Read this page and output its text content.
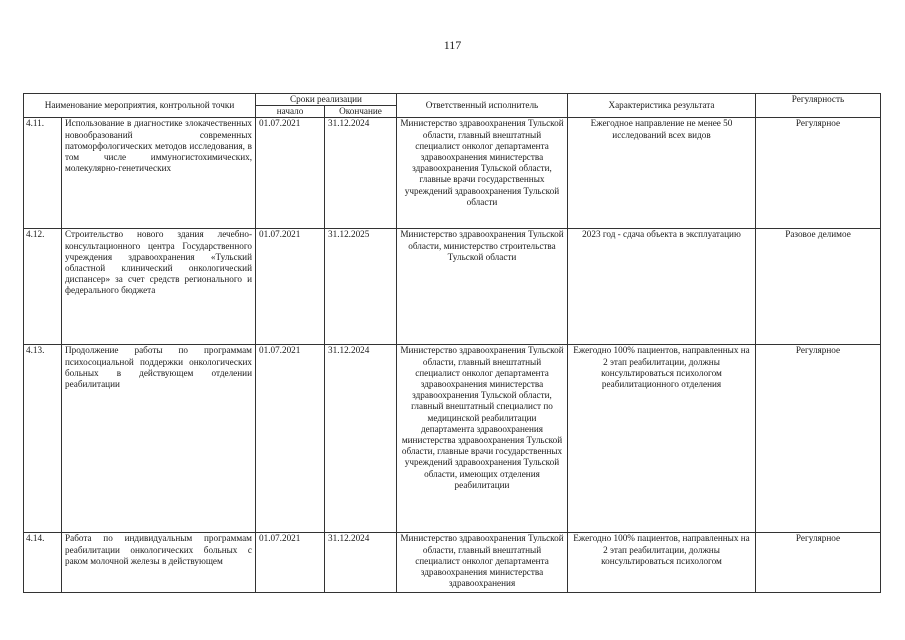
117
Наименование мероприятия, контрольной точки		Сроки реализации		Ответственный исполнитель	Характеристика результата	Регулярность
		начало	Окончание			
4.11.	Использование в диагностике злокачественных новообразований современных патоморфологических методов исследования, в том числе иммуногистохимических, молекулярно-генетических	01.07.2021	31.12.2024	Министерство здравоохранения Тульской области, главный внештатный специалист онколог департамента здравоохранения министерства здравоохранения Тульской области, главные врачи государственных учреждений здравоохранения Тульской области	Ежегодное направление не менее 50 исследований всех видов	Регулярное
4.12.	Строительство нового здания лечебно-консультационного центра Государственного учреждения здравоохранения «Тульский областной клинический онкологический диспансер» за счет средств регионального и федерального бюджета	01.07.2021	31.12.2025	Министерство здравоохранения Тульской области, министерство строительства Тульской области	2023 год - сдача объекта в эксплуатацию	Разовое делимое
4.13.	Продолжение работы по программам психосоциальной поддержки онкологических больных в действующем отделении реабилитации	01.07.2021	31.12.2024	Министерство здравоохранения Тульской области, главный внештатный специалист онколог департамента здравоохранения министерства здравоохранения Тульской области, главный внештатный специалист по медицинской реабилитации департамента здравоохранения министерства здравоохранения Тульской области, главные врачи государственных учреждений здравоохранения Тульской области, имеющих отделения реабилитации	Ежегодно 100% пациентов, направленных на 2 этап реабилитации, должны консультироваться психологом реабилитационного отделения	Регулярное
4.14.	Работа по индивидуальным программам реабилитации онкологических больных с раком молочной железы в действующем	01.07.2021	31.12.2024	Министерство здравоохранения Тульской области, главный внештатный специалист онколог департамента здравоохранения министерства здравоохранения	Ежегодно 100% пациентов, направленных на 2 этап реабилитации, должны консультироваться психологом	Регулярное
